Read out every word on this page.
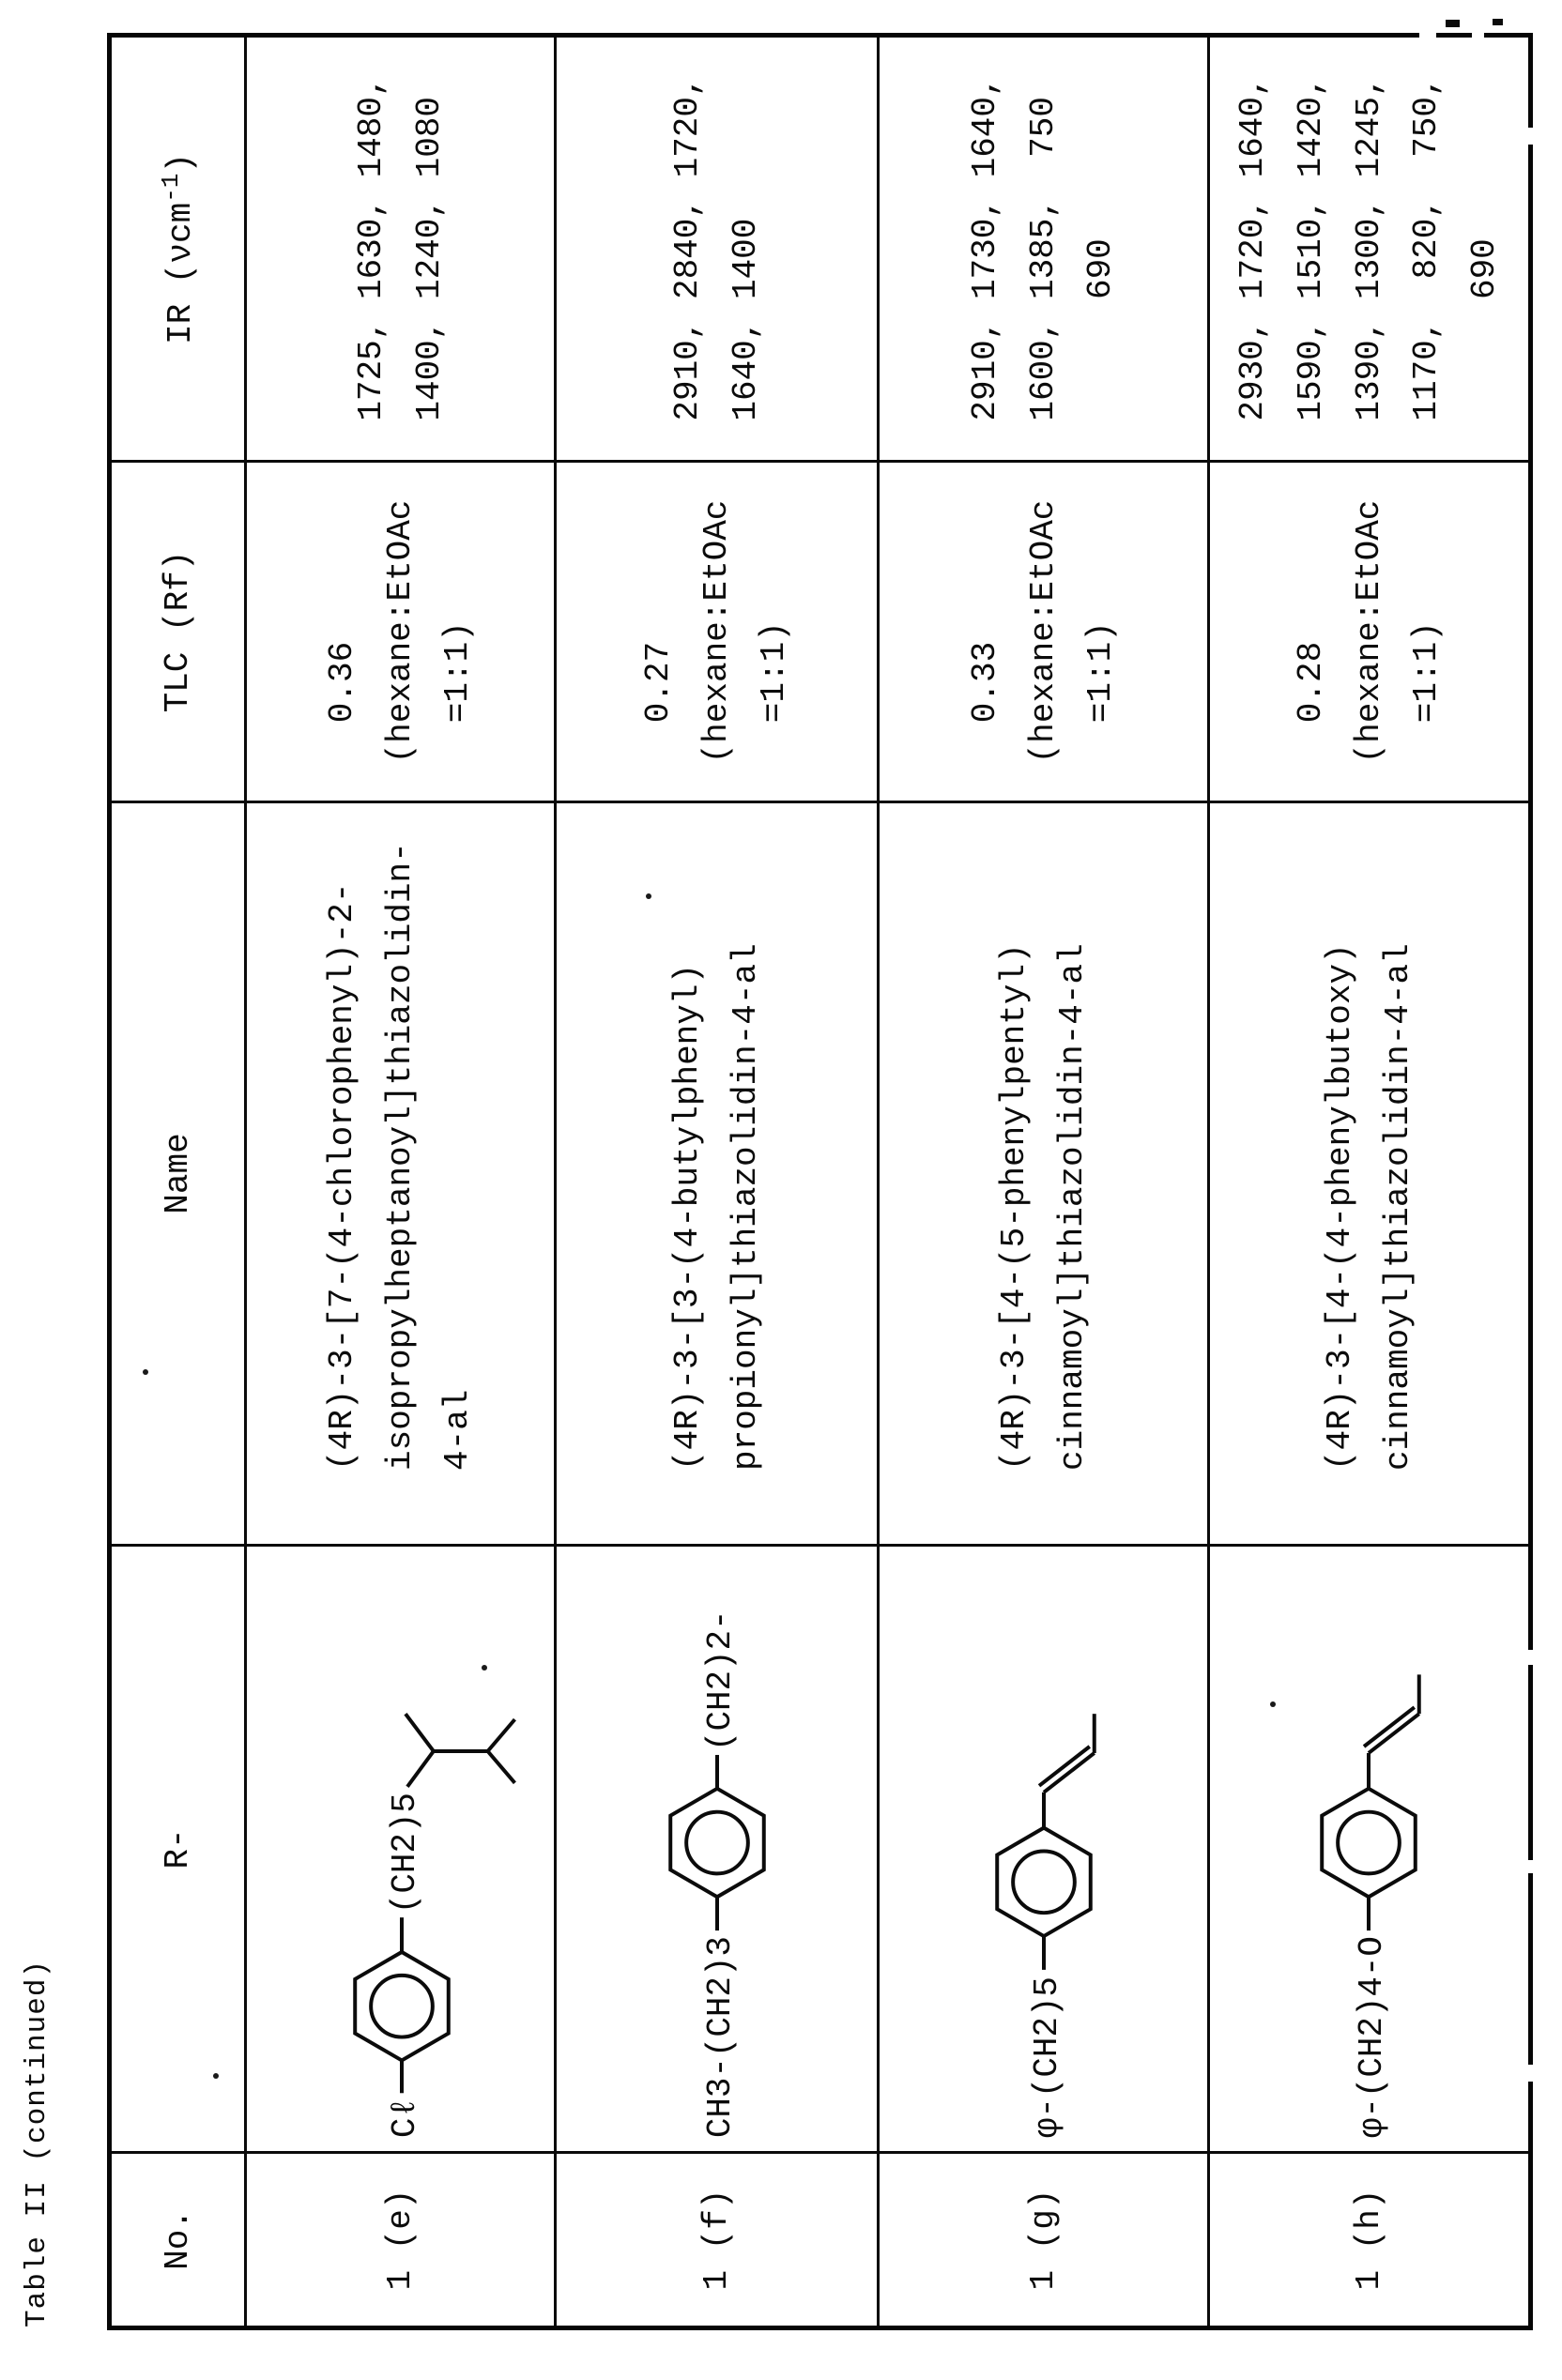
Table II (continued)	No.
R-
Name
TLC (Rf)
IR (νcm$^{-1}$)
1 (e)
Cℓ
(CH2)5
(4R)-3-[7-(4-chlorophenyl)-2-
isopropylheptanoyl]thiazolidin-
4-al
0.36
(hexane:EtOAc
=1:1)
1725, 1630, 1480,
1400, 1240, 1080
1 (f)
CH3-(CH2)3
(CH2)2-
(4R)-3-[3-(4-butylphenyl)
propionyl]thiazolidin-4-al
0.27
(hexane:EtOAc
=1:1)
2910, 2840, 1720,
1640, 1400
1 (g)
φ-(CH2)5
(4R)-3-[4-(5-phenylpentyl)
cinnamoyl]thiazolidin-4-al
0.33
(hexane:EtOAc
=1:1)
2910, 1730, 1640,
1600, 1385,  750
690
1 (h)
φ-(CH2)4-O
(4R)-3-[4-(4-phenylbutoxy)
cinnamoyl]thiazolidin-4-al
0.28
(hexane:EtOAc
=1:1)
2930, 1720, 1640,
1590, 1510, 1420,
1390, 1300, 1245,
1170,  820,  750,
690
